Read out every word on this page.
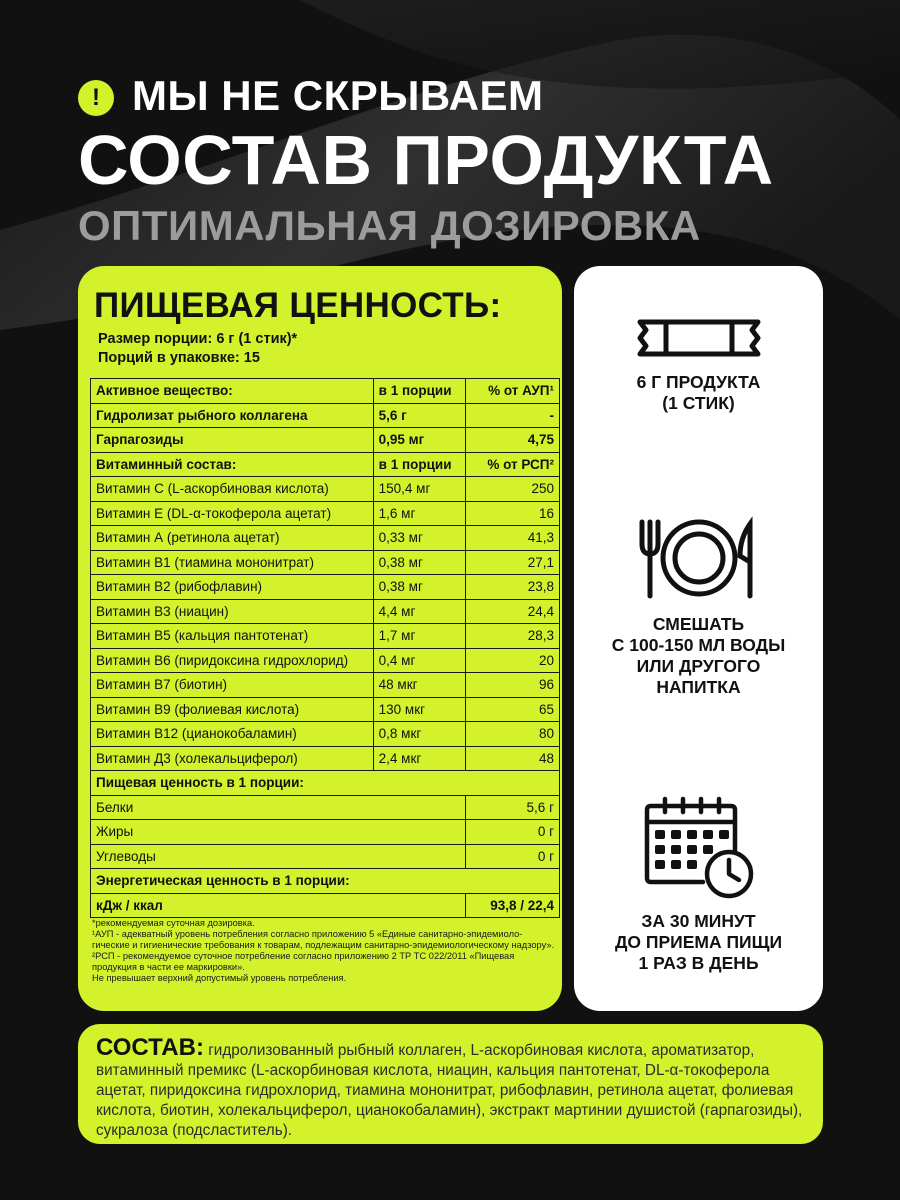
! МЫ НЕ СКРЫВАЕМ
СОСТАВ ПРОДУКТА
ОПТИМАЛЬНАЯ ДОЗИРОВКА
ПИЩЕВАЯ ЦЕННОСТЬ:
Размер порции: 6 г (1 стик)*
Порций в упаковке: 15
Активное вещество:	в 1 порции	% от АУП¹
Гидролизат рыбного коллагена	5,6 г	-
Гарпагозиды	0,95 мг	4,75
Витаминный состав:	в 1 порции	% от РСП²
Витамин С (L-аскорбиновая кислота)	150,4 мг	250
Витамин Е (DL-α-токоферола ацетат)	1,6 мг	16
Витамин А (ретинола ацетат)	0,33 мг	41,3
Витамин В1 (тиамина мононитрат)	0,38 мг	27,1
Витамин В2 (рибофлавин)	0,38 мг	23,8
Витамин В3 (ниацин)	4,4 мг	24,4
Витамин В5 (кальция пантотенат)	1,7 мг	28,3
Витамин В6 (пиридоксина гидрохлорид)	0,4 мг	20
Витамин В7 (биотин)	48 мкг	96
Витамин В9 (фолиевая кислота)	130 мкг	65
Витамин В12 (цианокобаламин)	0,8 мкг	80
Витамин Д3 (холекальциферол)	2,4 мкг	48
Пищевая ценность в 1 порции:		
Белки		5,6 г
Жиры		0 г
Углеводы		0 г
Энергетическая ценность в 1 порции:		
кДж / ккал		93,8 / 22,4
*рекомендуемая суточная дозировка.
¹АУП - адекватный уровень потребления согласно приложению 5 «Единые санитарно-эпидемиоло-гические и гигиенические требования к товарам, подлежащим санитарно-эпидемиологическому надзору».
²РСП - рекомендуемое суточное потребление согласно приложению 2 ТР ТС 022/2011 «Пищевая продукция в части ее маркировки».
Не превышает верхний допустимый уровень потребления.
6 Г ПРОДУКТА
(1 СТИК)
СМЕШАТЬ
С 100-150 МЛ ВОДЫ
ИЛИ ДРУГОГО
НАПИТКА
ЗА 30 МИНУТ
ДО ПРИЕМА ПИЩИ
1 РАЗ В ДЕНЬ
СОСТАВ: гидролизованный рыбный коллаген, L-аскорбиновая кислота, ароматизатор, витаминный премикс (L-аскорбиновая кислота, ниацин, кальция пантотенат, DL-α-токоферола ацетат, пиридоксина гидрохлорид, тиамина мононитрат, рибофлавин, ретинола ацетат, фолиевая кислота, биотин, холекальциферол, цианокобаламин), экстракт мартинии душистой (гарпагозиды), сукралоза (подсластитель).
